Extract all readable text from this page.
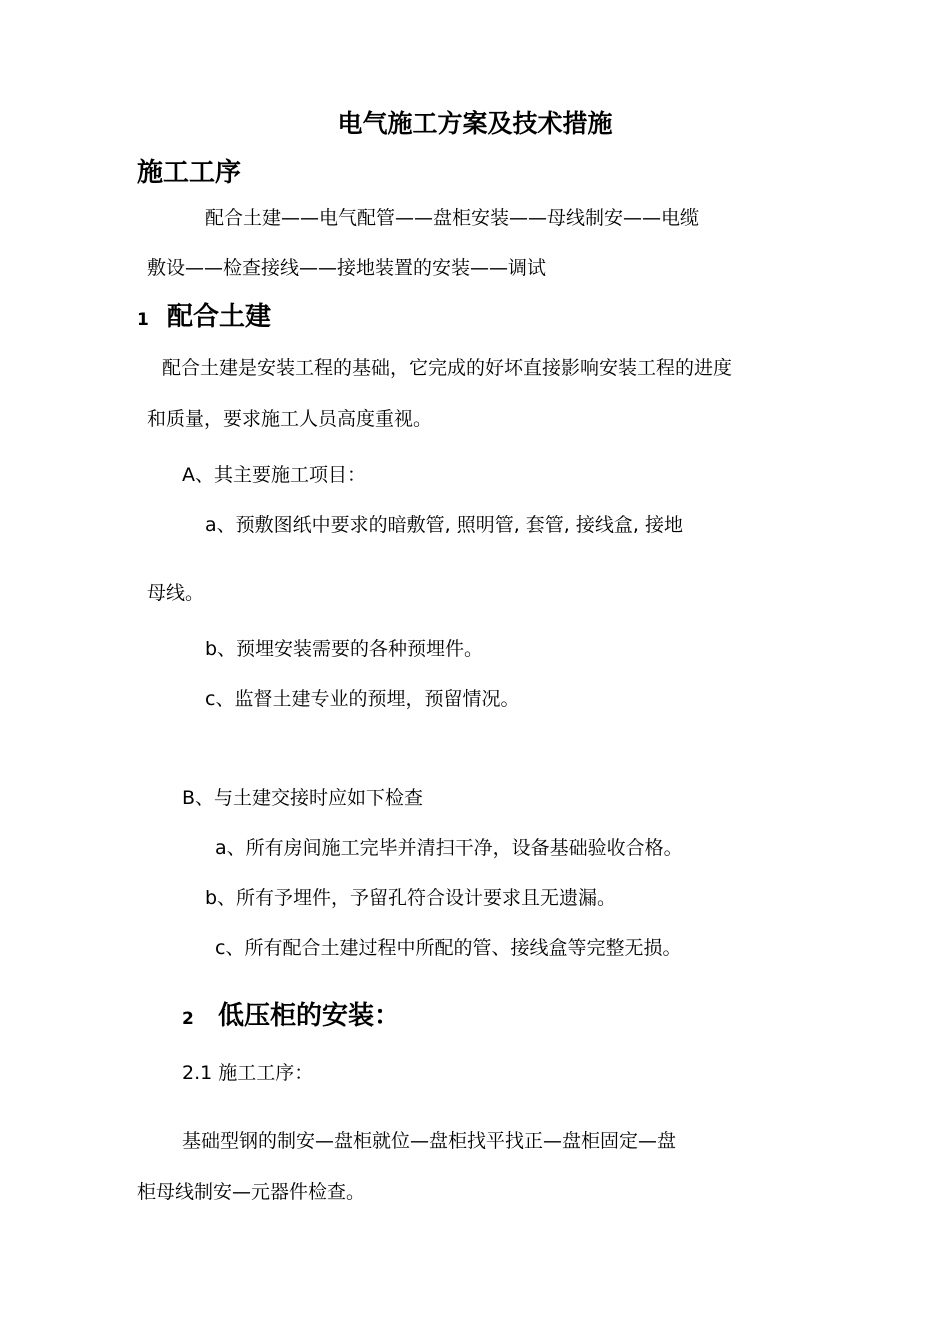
电气施工方案及技术措施
施工工序
配合土建——电气配管——盘柜安装——母线制安——电缆
敷设——检查接线——接地装置的安装——调试
1 配合土建
配合土建是安装工程的基础，它完成的好坏直接影响安装工程的进度
和质量，要求施工人员高度重视。
A、其主要施工项目：
a、预敷图纸中要求的暗敷管, 照明管, 套管, 接线盒, 接地
母线。
b、预埋安装需要的各种预埋件。
c、监督土建专业的预埋，预留情况。
B、与土建交接时应如下检查
a、所有房间施工完毕并清扫干净，设备基础验收合格。
b、所有予埋件，予留孔符合设计要求且无遗漏。
c、所有配合土建过程中所配的管、接线盒等完整无损。
2 低压柜的安装：
2.1 施工工序：
基础型钢的制安—盘柜就位—盘柜找平找正—盘柜固定—盘
柜母线制安—元器件检查。
